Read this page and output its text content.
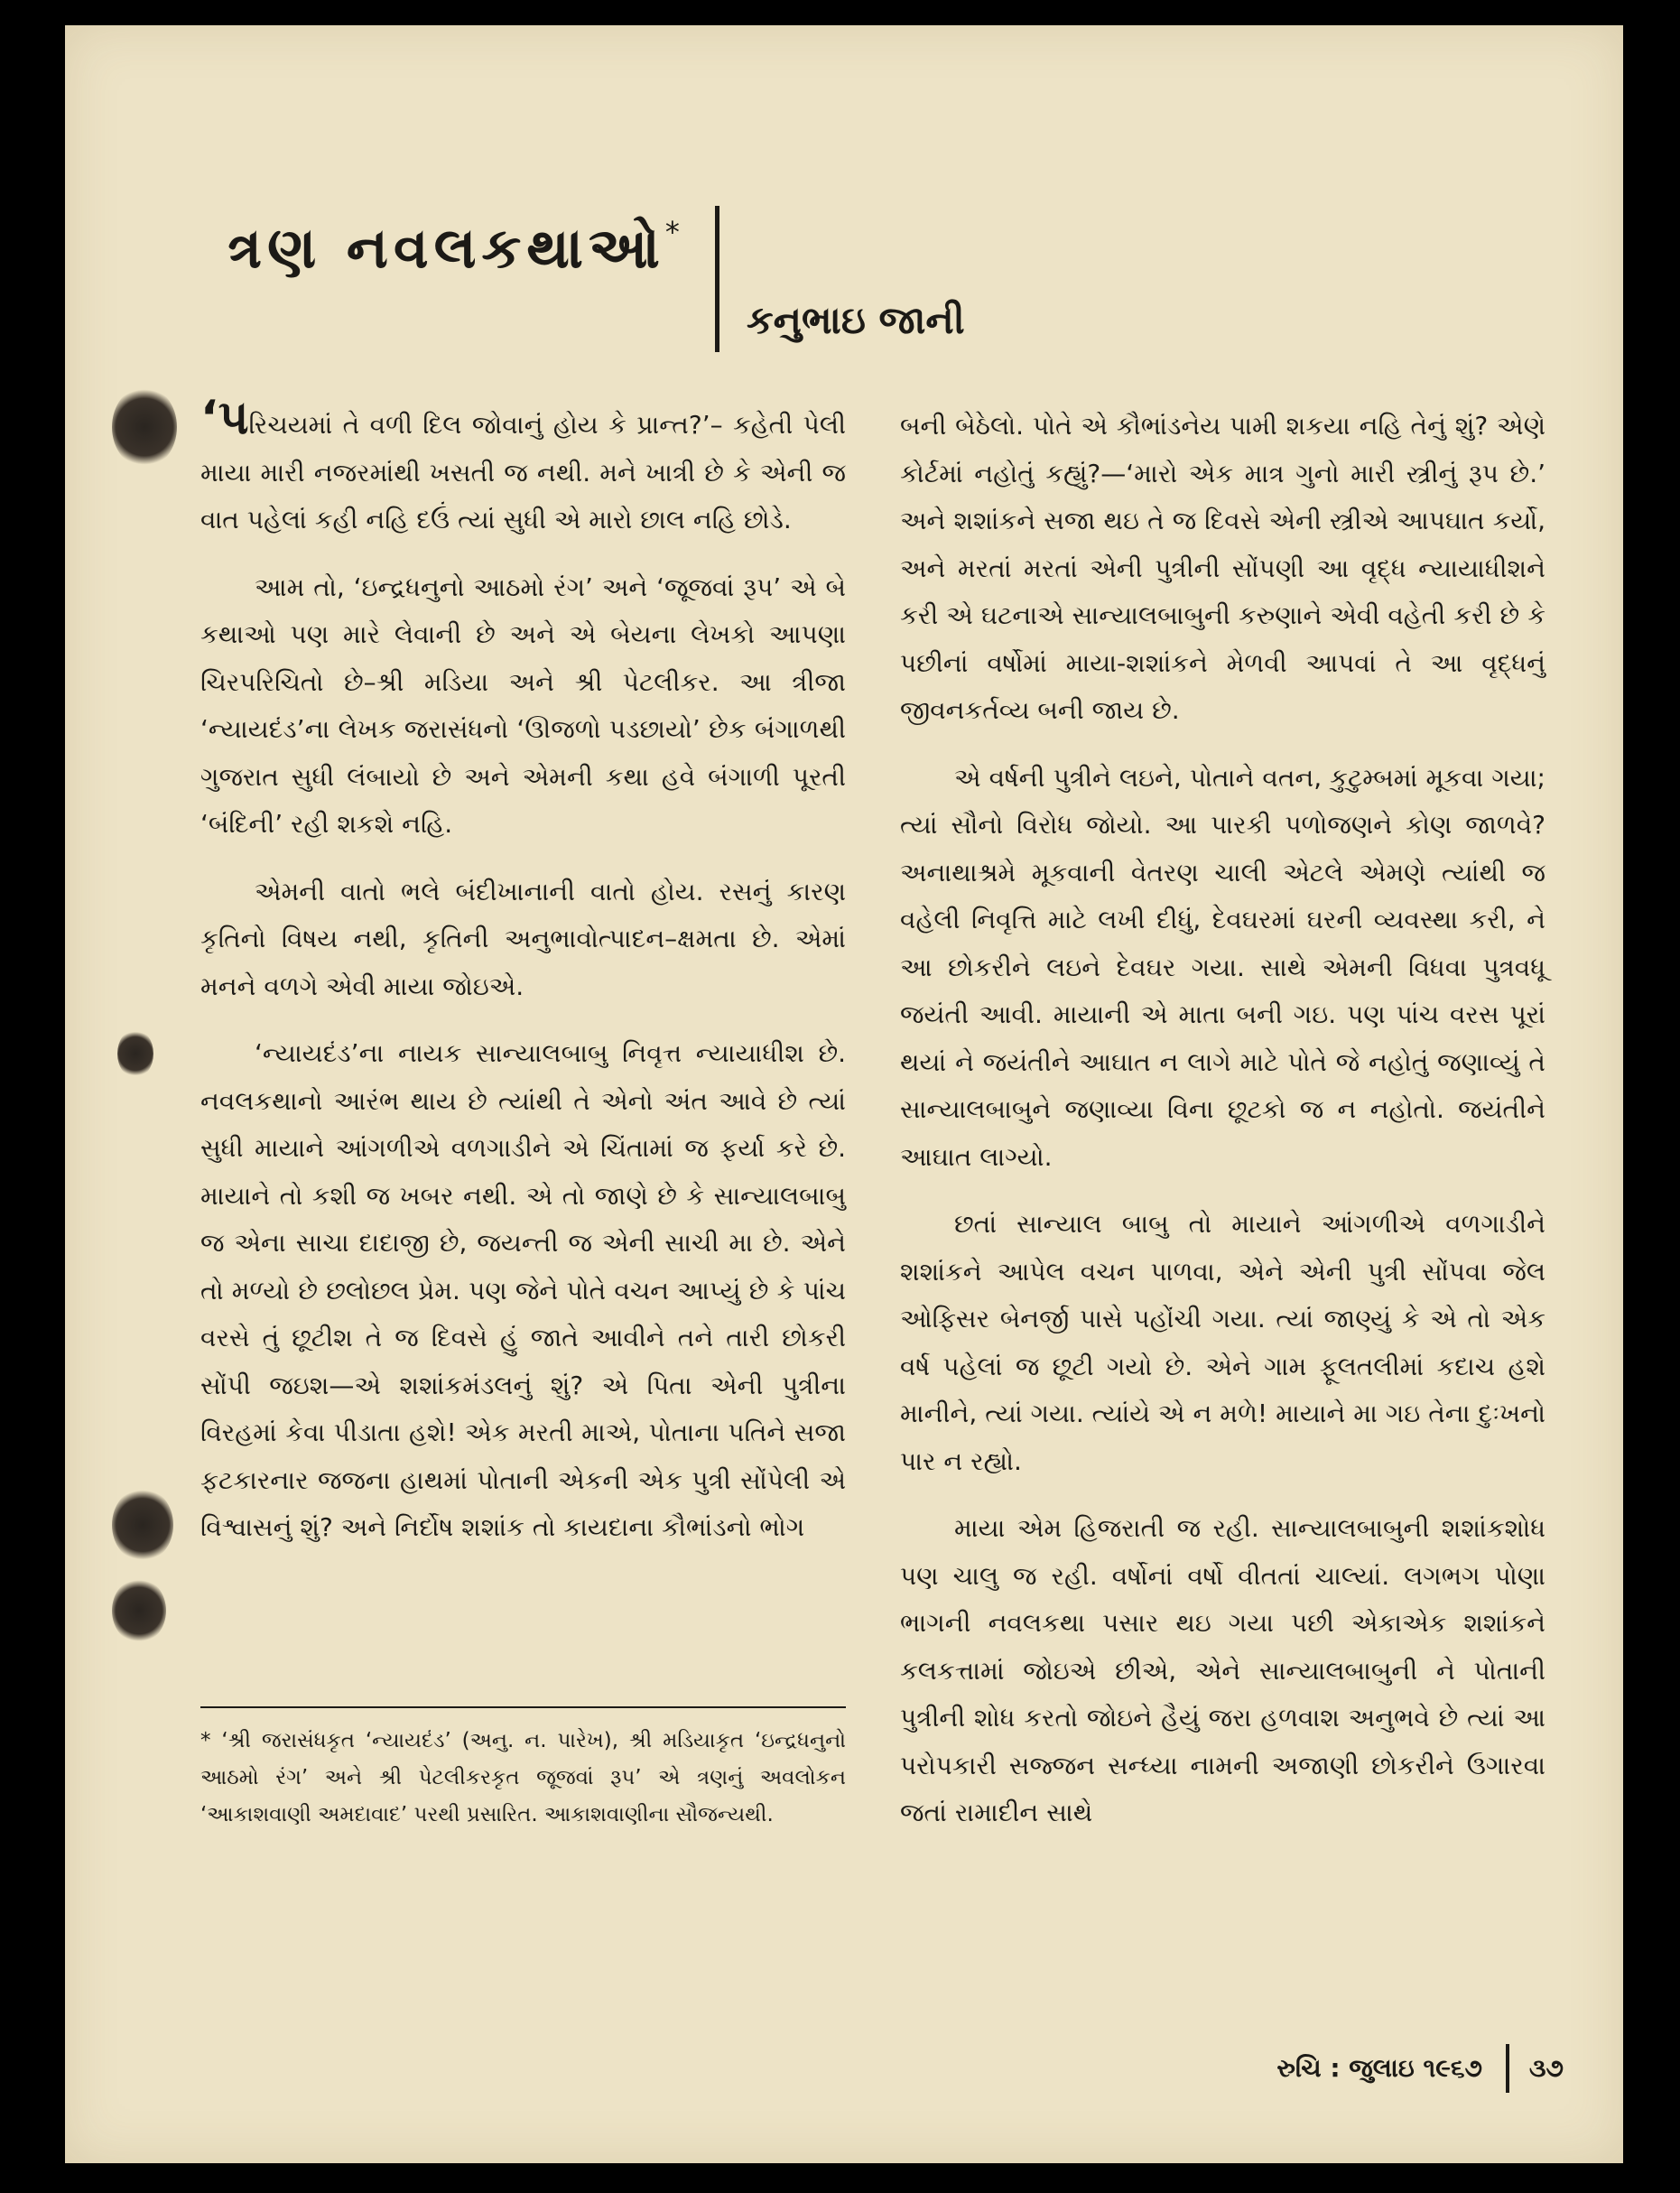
ત્રણ નવલકથાઓ*
કનુભાઇ જાની

‘પરિચયમાં તે વળી દિલ જોવાનું હોય કે પ્રાન્ત?’– કહેતી પેલી માયા મારી નજરમાંથી ખસતી જ નથી. મને ખાત્રી છે કે એની જ વાત પહેલાં કહી નહિ દઉં ત્યાં સુધી એ મારો છાલ નહિ છોડે.

આમ તો, ‘ઇન્દ્રધનુનો આઠમો રંગ’ અને ‘જૂજવાં રૂપ’ એ બે કથાઓ પણ મારે લેવાની છે અને એ બેયના લેખકો આપણા ચિરપરિચિતો છે–શ્રી મડિયા અને શ્રી પેટલીકર. આ ત્રીજા ‘ન્યાયદંડ’ના લેખક જરાસંધનો ‘ઊજળો પડછાયો’ છેક બંગાળથી ગુજરાત સુધી લંબાયો છે અને એમની કથા હવે બંગાળી પૂરતી ‘બંદિની’ રહી શકશે નહિ.

એમની વાતો ભલે બંદીખાનાની વાતો હોય. રસનું કારણ કૃતિનો વિષય નથી, કૃતિની અનુભાવોત્પાદન–ક્ષમતા છે. એમાં મનને વળગે એવી માયા જોઇએ.

‘ન્યાયદંડ’ના નાયક સાન્યાલબાબુ નિવૃત્ત ન્યાયાધીશ છે. નવલકથાનો આરંભ થાય છે ત્યાંથી તે એનો અંત આવે છે ત્યાં સુધી માયાને આંગળીએ વળગાડીને એ ચિંતામાં જ ફર્યા કરે છે. માયાને તો કશી જ ખબર નથી. એ તો જાણે છે કે સાન્યાલબાબુ જ એના સાચા દાદાજી છે, જયન્તી જ એની સાચી મા છે. એને તો મળ્યો છે છલોછલ પ્રેમ. પણ જેને પોતે વચન આપ્યું છે કે પાંચ વરસે તું છૂટીશ તે જ દિવસે હું જાતે આવીને તને તારી છોકરી સોંપી જઇશ—એ શશાંકમંડલનું શું? એ પિતા એની પુત્રીના વિરહમાં કેવા પીડાતા હશે! એક મરતી માએ, પોતાના પતિને સજા ફટકારનાર જજના હાથમાં પોતાની એકની એક પુત્રી સોંપેલી એ વિશ્વાસનું શું? અને નિર્દોષ શશાંક તો કાયદાના કૌભાંડનો ભોગ

બની બેઠેલો. પોતે એ કૌભાંડનેય પામી શકયા નહિ તેનું શું? એણે કોર્ટમાં નહોતું કહ્યું?—‘મારો એક માત્ર ગુનો મારી સ્ત્રીનું રૂપ છે.’ અને શશાંકને સજા થઇ તે જ દિવસે એની સ્ત્રીએ આપઘાત કર્યો, અને મરતાં મરતાં એની પુત્રીની સોંપણી આ વૃદ્ધ ન્યાયાધીશને કરી એ ઘટનાએ સાન્યાલબાબુની કરુણાને એવી વહેતી કરી છે કે પછીનાં વર્ષોમાં માયા-શશાંકને મેળવી આપવાં તે આ વૃદ્ધનું જીવનકર્તવ્ય બની જાય છે.

એ વર્ષની પુત્રીને લઇને, પોતાને વતન, કુટુમ્બમાં મૂકવા ગયા; ત્યાં સૌનો વિરોધ જોયો. આ પારકી પળોજણને કોણ જાળવે? અનાથાશ્રમે મૂકવાની વેતરણ ચાલી એટલે એમણે ત્યાંથી જ વહેલી નિવૃત્તિ માટે લખી દીધું, દેવઘરમાં ઘરની વ્યવસ્થા કરી, ને આ છોકરીને લઇને દેવઘર ગયા. સાથે એમની વિધવા પુત્રવધૂ જયંતી આવી. માયાની એ માતા બની ગઇ. પણ પાંચ વરસ પૂરાં થયાં ને જયંતીને આઘાત ન લાગે માટે પોતે જે નહોતું જણાવ્યું તે સાન્યાલબાબુને જણાવ્યા વિના છૂટકો જ ન નહોતો. જયંતીને આઘાત લાગ્યો.

છતાં સાન્યાલ બાબુ તો માયાને આંગળીએ વળગાડીને શશાંકને આપેલ વચન પાળવા, એને એની પુત્રી સોંપવા જેલ ઓફિસર બેનર્જી પાસે પહોંચી ગયા. ત્યાં જાણ્યું કે એ તો એક વર્ષ પહેલાં જ છૂટી ગયો છે. એને ગામ ફૂલતલીમાં કદાચ હશે માનીને, ત્યાં ગયા. ત્યાંયે એ ન મળે! માયાને મા ગઇ તેના દુઃખનો પાર ન રહ્યો.

માયા એમ હિજરાતી જ રહી. સાન્યાલબાબુની શશાંકશોધ પણ ચાલુ જ રહી. વર્ષોનાં વર્ષો વીતતાં ચાલ્યાં. લગભગ પોણા ભાગની નવલકથા પસાર થઇ ગયા પછી એકાએક શશાંકને કલકત્તામાં જોઇએ છીએ, એને સાન્યાલબાબુની ને પોતાની પુત્રીની શોધ કરતો જોઇને હૈયું જરા હળવાશ અનુભવે છે ત્યાં આ પરોપકારી સજ્જન સન્ધ્યા નામની અજાણી છોકરીને ઉગારવા જતાં રામાદીન સાથે

* ‘શ્રી જરાસંધકૃત ‘ન્યાયદંડ’ (અનુ. ન. પારેખ), શ્રી મડિયાકૃત ‘ઇન્દ્રધનુનો આઠમો રંગ’ અને શ્રી પેટલીકરકૃત જૂજવાં રૂપ’ એ ત્રણનું અવલોકન ‘આકાશવાણી અમદાવાદ’ પરથી પ્રસારિત. આકાશવાણીના સૌજન્યથી.
રુચિ : જુલાઇ ૧૯૬૭ ૩૭
